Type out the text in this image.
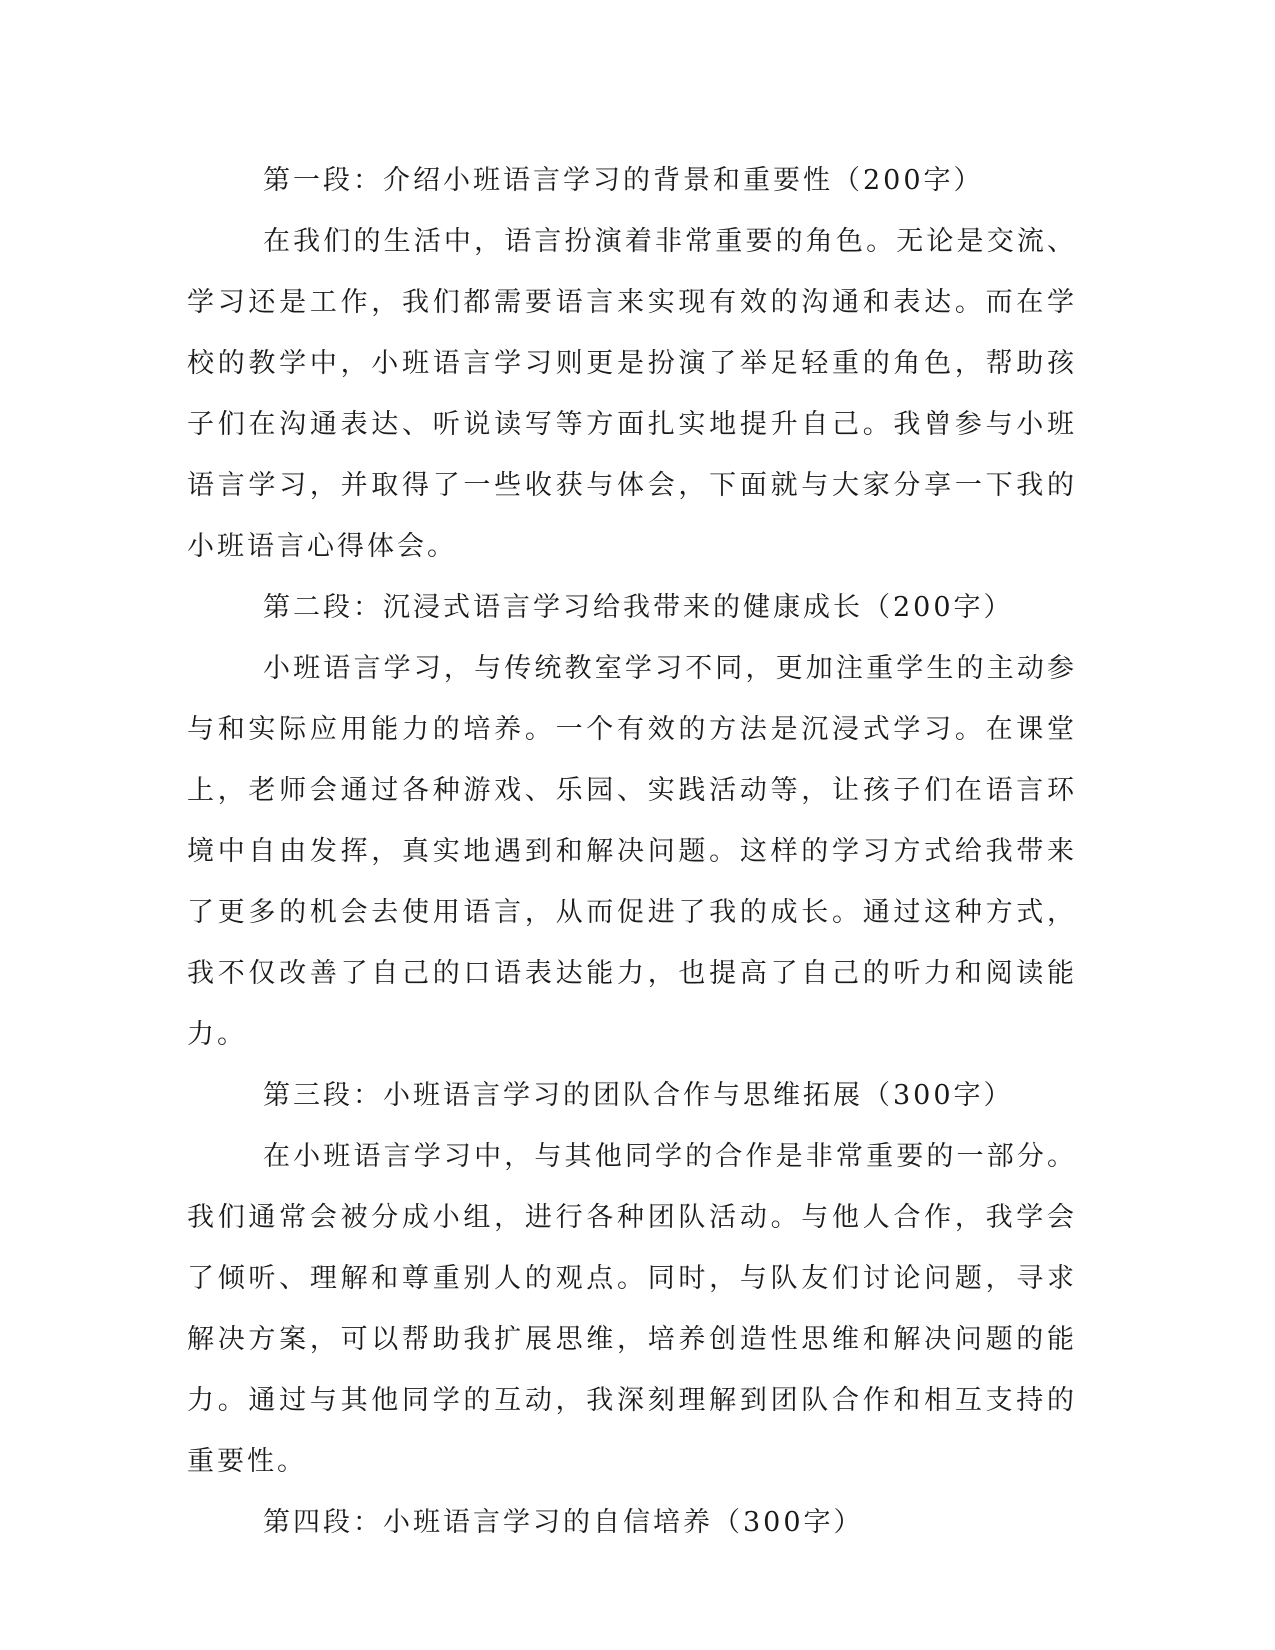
第一段：介绍小班语言学习的背景和重要性（200字）

在我们的生活中，语言扮演着非常重要的角色。无论是交流、学习还是工作，我们都需要语言来实现有效的沟通和表达。而在学校的教学中，小班语言学习则更是扮演了举足轻重的角色，帮助孩子们在沟通表达、听说读写等方面扎实地提升自己。我曾参与小班语言学习，并取得了一些收获与体会，下面就与大家分享一下我的小班语言心得体会。

第二段：沉浸式语言学习给我带来的健康成长（200字）

小班语言学习，与传统教室学习不同，更加注重学生的主动参与和实际应用能力的培养。一个有效的方法是沉浸式学习。在课堂上，老师会通过各种游戏、乐园、实践活动等，让孩子们在语言环境中自由发挥，真实地遇到和解决问题。这样的学习方式给我带来了更多的机会去使用语言，从而促进了我的成长。通过这种方式，我不仅改善了自己的口语表达能力，也提高了自己的听力和阅读能力。

第三段：小班语言学习的团队合作与思维拓展（300字）

在小班语言学习中，与其他同学的合作是非常重要的一部分。我们通常会被分成小组，进行各种团队活动。与他人合作，我学会了倾听、理解和尊重别人的观点。同时，与队友们讨论问题，寻求解决方案，可以帮助我扩展思维，培养创造性思维和解决问题的能力。通过与其他同学的互动，我深刻理解到团队合作和相互支持的重要性。

第四段：小班语言学习的自信培养（300字）
